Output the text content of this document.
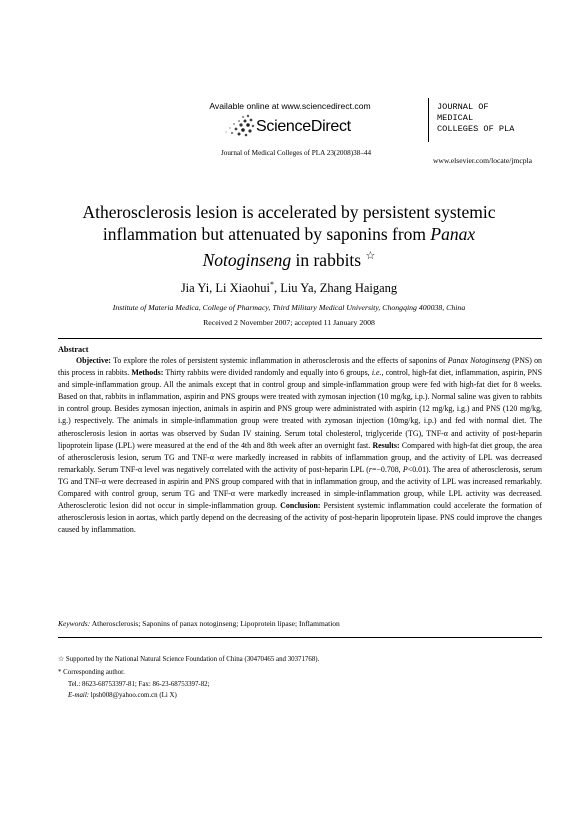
Available online at www.sciencedirect.com
ScienceDirect
Journal of Medical Colleges of PLA 23(2008)38–44
JOURNAL OF
MEDICAL
COLLEGES OF PLA
www.elsevier.com/locate/jmcpla
Atherosclerosis lesion is accelerated by persistent systemic
inflammation but attenuated by saponins from Panax
Notoginseng in rabbits ☆
Jia Yi, Li Xiaohui*, Liu Ya, Zhang Haigang
Institute of Materia Medica, College of Pharmacy, Third Military Medical University, Chongqing 400038, China
Received 2 November 2007; accepted 11 January 2008
Abstract

Objective: To explore the roles of persistent systemic inflammation in atherosclerosis and the effects of saponins of Panax Notoginseng (PNS) on this process in rabbits. Methods: Thirty rabbits were divided randomly and equally into 6 groups, i.e., control, high-fat diet, inflammation, aspirin, PNS and simple-inflammation group. All the animals except that in control group and simple-inflammation group were fed with high-fat diet for 8 weeks. Based on that, rabbits in inflammation, aspirin and PNS groups were treated with zymosan injection (10 mg/kg, i.p.). Normal saline was given to rabbits in control group. Besides zymosan injection, animals in aspirin and PNS group were administrated with aspirin (12 mg/kg, i.g.) and PNS (120 mg/kg, i.g.) respectively. The animals in simple-inflammation group were treated with zymosan injection (10mg/kg, i.p.) and fed with normal diet. The atherosclerosis lesion in aortas was observed by Sudan IV staining. Serum total cholesterol, triglyceride (TG), TNF-α and activity of post-heparin lipoprotein lipase (LPL) were measured at the end of the 4th and 8th week after an overnight fast. Results: Compared with high-fat diet group, the area of atherosclerosis lesion, serum TG and TNF-α were markedly increased in rabbits of inflammation group, and the activity of LPL was decreased remarkably. Serum TNF-α level was negatively correlated with the activity of post-heparin LPL (r=−0.708, P<0.01). The area of atherosclerosis, serum TG and TNF-α were decreased in aspirin and PNS group compared with that in inflammation group, and the activity of LPL was increased remarkably. Compared with control group, serum TG and TNF-α were markedly increased in simple-inflammation group, while LPL activity was decreased. Atherosclerotic lesion did not occur in simple-inflammation group. Conclusion: Persistent systemic inflammation could accelerate the formation of atherosclerosis lesion in aortas, which partly depend on the decreasing of the activity of post-heparin lipoprotein lipase. PNS could improve the changes caused by inflammation.

Keywords: Atherosclerosis; Saponins of panax notoginseng; Lipoprotein lipase; Inflammation
☆ Supported by the National Natural Science Foundation of China (30470465 and 30371768).
* Corresponding author.
Tel.: 8623-68753397-81; Fax: 86-23-68753397-82;
E-mail: lpsh008@yahoo.com.cn (Li X)
